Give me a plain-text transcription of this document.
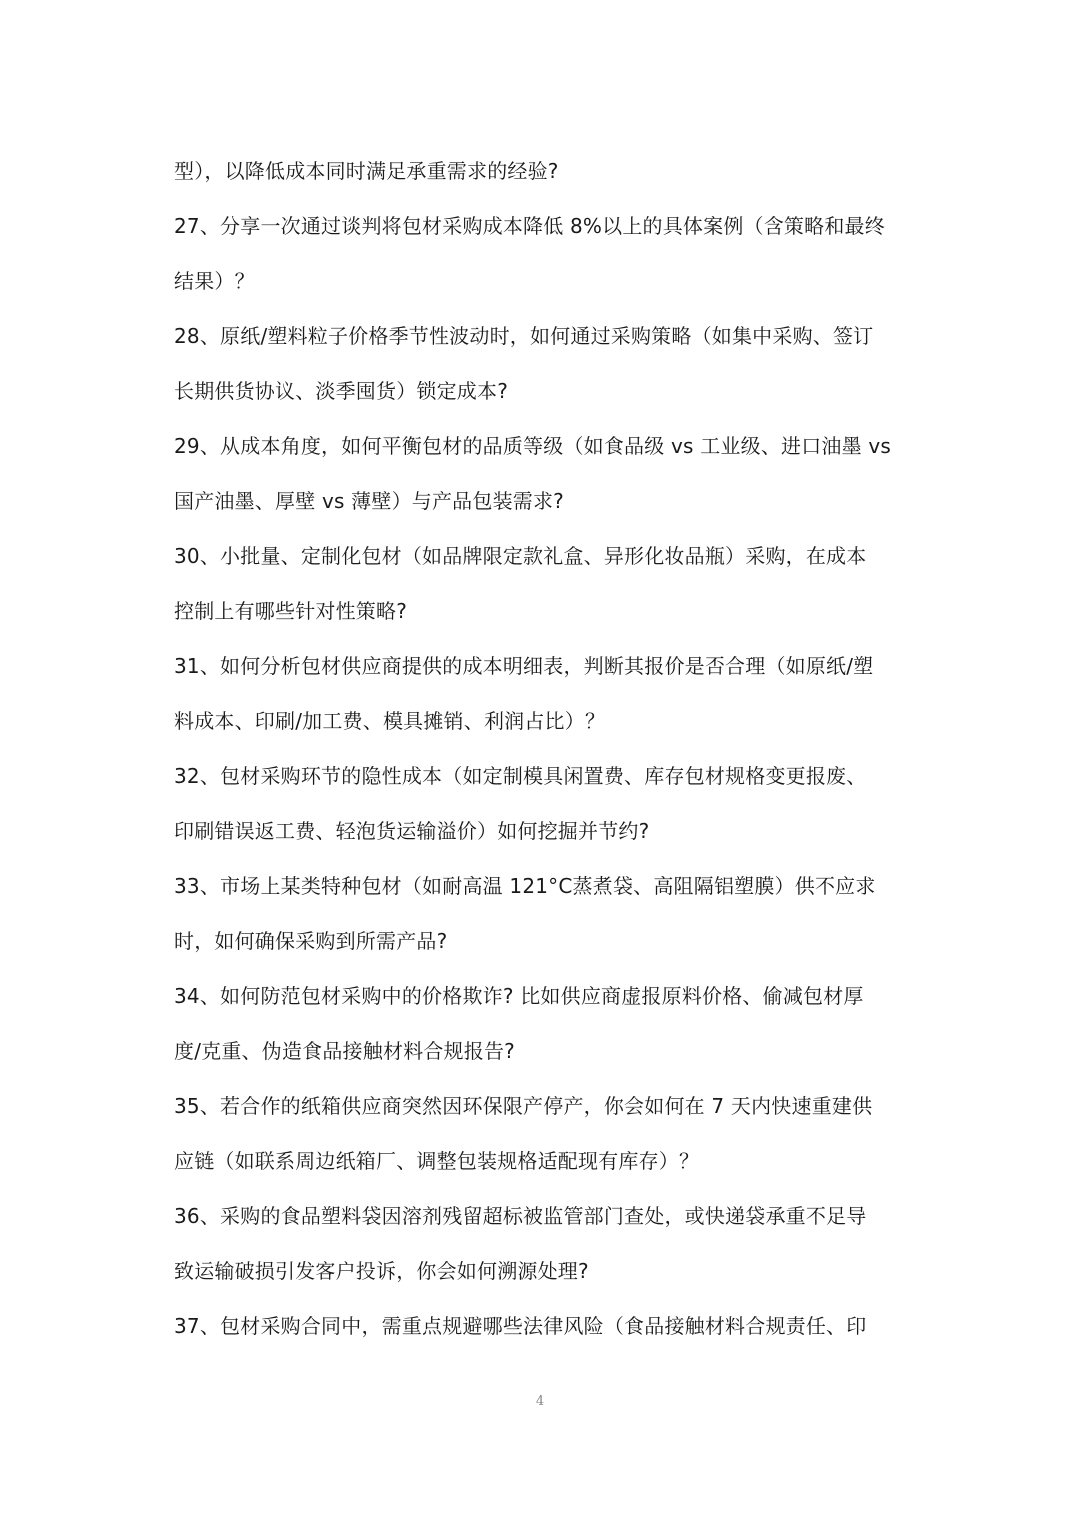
型），以降低成本同时满足承重需求的经验?
27、分享一次通过谈判将包材采购成本降低 8%以上的具体案例（含策略和最终
结果）？
28、原纸/塑料粒子价格季节性波动时，如何通过采购策略（如集中采购、签订
长期供货协议、淡季囤货）锁定成本?
29、从成本角度，如何平衡包材的品质等级（如食品级 vs 工业级、进口油墨 vs
国产油墨、厚壁 vs 薄壁）与产品包装需求?
30、小批量、定制化包材（如品牌限定款礼盒、异形化妆品瓶）采购，在成本
控制上有哪些针对性策略?
31、如何分析包材供应商提供的成本明细表，判断其报价是否合理（如原纸/塑
料成本、印刷/加工费、模具摊销、利润占比）？
32、包材采购环节的隐性成本（如定制模具闲置费、库存包材规格变更报废、
印刷错误返工费、轻泡货运输溢价）如何挖掘并节约?
33、市场上某类特种包材（如耐高温 121°C蒸煮袋、高阻隔铝塑膜）供不应求
时，如何确保采购到所需产品?
34、如何防范包材采购中的价格欺诈? 比如供应商虚报原料价格、偷减包材厚
度/克重、伪造食品接触材料合规报告?
35、若合作的纸箱供应商突然因环保限产停产，你会如何在 7 天内快速重建供
应链（如联系周边纸箱厂、调整包装规格适配现有库存）？
36、采购的食品塑料袋因溶剂残留超标被监管部门查处，或快递袋承重不足导
致运输破损引发客户投诉，你会如何溯源处理?
37、包材采购合同中，需重点规避哪些法律风险（食品接触材料合规责任、印
4
